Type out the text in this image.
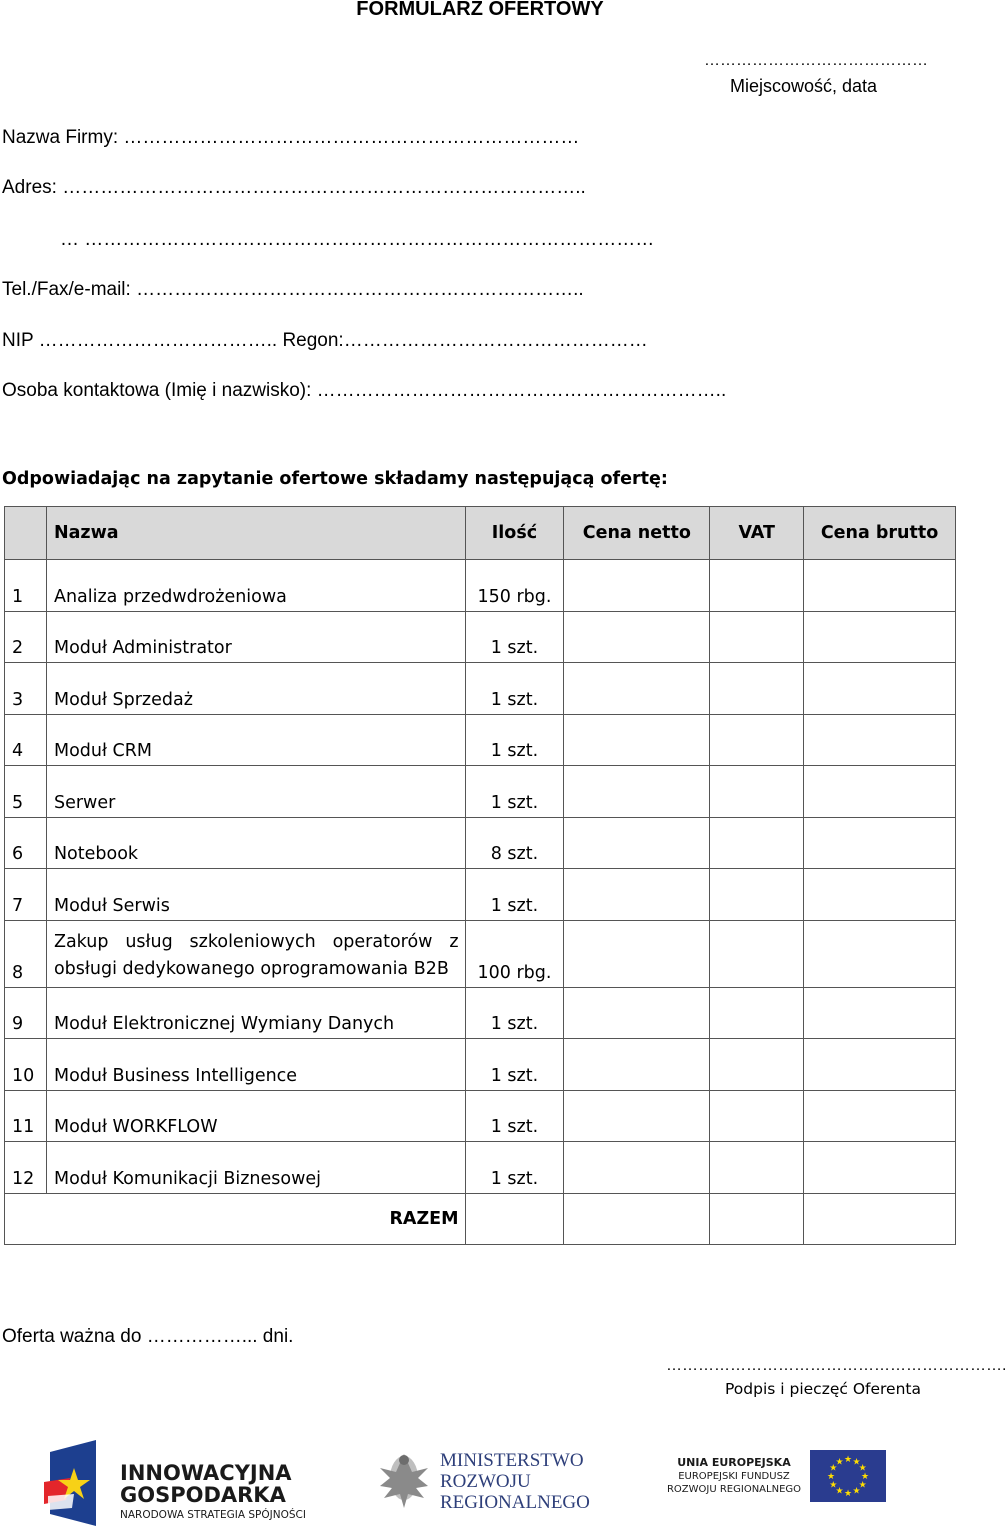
FORMULARZ OFERTOWY
……………………………………
Miejscowość, data
Nazwa Firmy: ………………………………………………………………
Adres: ………………………………………………………………………..
… ………………………………………………………………………………
Tel./Fax/e-mail: ……………………………………………………………..
NIP ……………………………….. Regon:…………………………………………
Osoba kontaktowa (Imię i nazwisko): ………………………………………………………..
Odpowiadając na zapytanie ofertowe składamy następującą ofertę:
	Nazwa	Ilość	Cena netto	VAT	Cena brutto
1	Analiza przedwdrożeniowa	150 rbg.			
2	Moduł Administrator	1 szt.			
3	Moduł Sprzedaż	1 szt.			
4	Moduł CRM	1 szt.			
5	Serwer	1 szt.			
6	Notebook	8 szt.			
7	Moduł Serwis	1 szt.			
8	Zakup usług szkoleniowych operatorów z obsługi dedykowanego oprogramowania B2B	100 rbg.			
9	Moduł Elektronicznej Wymiany Danych	1 szt.			
10	Moduł Business Intelligence	1 szt.			
11	Moduł WORKFLOW	1 szt.			
12	Moduł Komunikacji Biznesowej	1 szt.			
RAZEM					
Oferta ważna do ……………... dni.
……………………………………………………….
Podpis i pieczęć Oferenta
INNOWACYJNA
GOSPODARKA
NARODOWA STRATEGIA SPÓJNOŚCI
MINISTERSTWO
ROZWOJU
REGIONALNEGO
UNIA EUROPEJSKA
EUROPEJSKI FUNDUSZ
ROZWOJU REGIONALNEGO
★ ★
★
★
★
★
★
★
★
★
★
★
